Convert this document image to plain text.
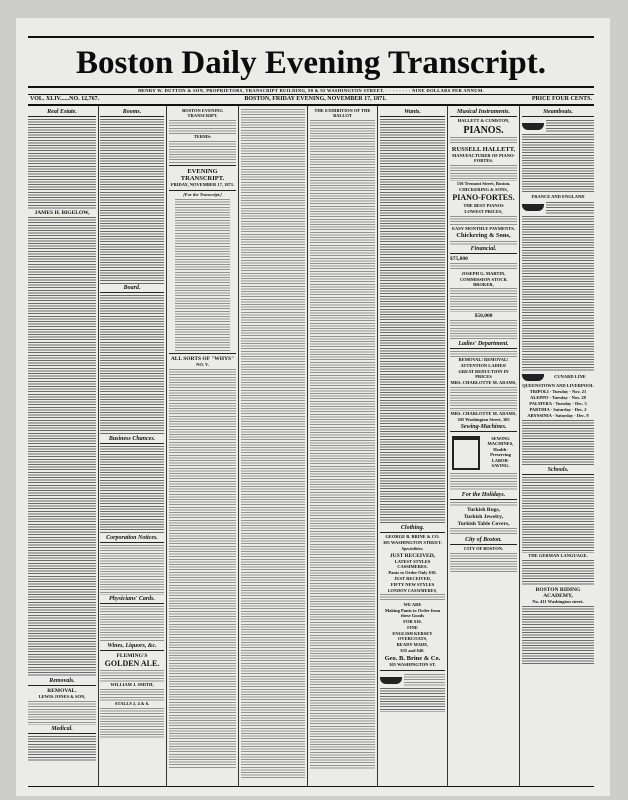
Boston Daily Evening Transcript.
HENRY W. DUTTON & SON, PROPRIETORS, TRANSCRIPT BUILDING, 90 & 92 WASHINGTON STREET. · · · · · · · · NINE DOLLARS PER ANNUM.
VOL. XLIV......NO. 12,767.	BOSTON, FRIDAY EVENING, NOVEMBER 17, 1871.	PRICE FOUR CENTS.
Real Estate.
JAMES H. BIGELOW,
Removals.
REMOVAL.
LEWIS JONES & SON,
Medical.
Rooms.
Board.
Business Chances.
Corporation Notices.
Physicians' Cards.
Wines, Liquors, &c.
FLEMING'S
GOLDEN ALE.
WILLIAM J. SMITH,
STALLS 2, 4 & 6.
BOSTON EVENING TRANSCRIPT.
TERMS:
EVENING TRANSCRIPT.
FRIDAY, NOVEMBER 17, 1871.
[For the Transcript.]
ALL SORTS OF "WHYS"
NO. V.
THE EXHIBITION OF THE BALLOT
Wants.
Clothing.
GEORGE B. BRINE & CO.
305 WASHINGTON STREET.
Specialities.
JUST RECEIVED,
LATEST STYLES CASSIMERES.
Pants to Order Only $10.
JUST RECEIVED,
FIFTY NEW STYLES
LONDON CASSIMERES,
WE ARE
Making Pants to Order from these Goods
FOR $10.
FINE
ENGLISH KERSEY OVERCOATS,
READY MADE,
$35 and $40.
Geo. B. Brine & Co.
305 WASHINGTON ST.
Musical Instruments.
HALLETT & CUMSTON,
PIANOS.
RUSSELL HALLETT,
MANUFACTURER OF PIANO-FORTES.
156 Tremont Street, Boston.
CHICKERING & SONS,
PIANO-FORTES.
THE BEST PIANOS
LOWEST PRICES,
EASY MONTHLY PAYMENTS.
Chickering & Sons,
Financial.
$75,000
JOSEPH G. MARTIN,
COMMISSION STOCK BROKER,
$50,000
Ladies' Department.
REMOVAL! REMOVAL!
ATTENTION LADIES!
GREAT REDUCTION IN PRICES
MRS. CHARLOTTE M. ADAMS,
MRS. CHARLOTTE M. ADAMS,
305 Washington Street, 305
Sewing-Machines.
SEWING MACHINES,
Health-Preserving
LABOR-SAVING.
For the Holidays.
Turkish Rugs,
Turkish Jewelry,
Turkish Table Covers,
City of Boston.
CITY OF BOSTON.
Steamboats.
FRANCE AND ENGLAND
CUNARD LINE
QUEENSTOWN AND LIVERPOOL
TRIPOLI - Tuesday - Nov. 21
ALEPPO - Tuesday - Nov. 28
PALMYRA - Tuesday - Dec. 5
PARTHIA - Saturday - Dec. 2
ABYSSINIA - Saturday - Dec. 9
Schools.
THE GERMAN LANGUAGE.
BOSTON RIDING ACADEMY,
No. 411 Washington street.
